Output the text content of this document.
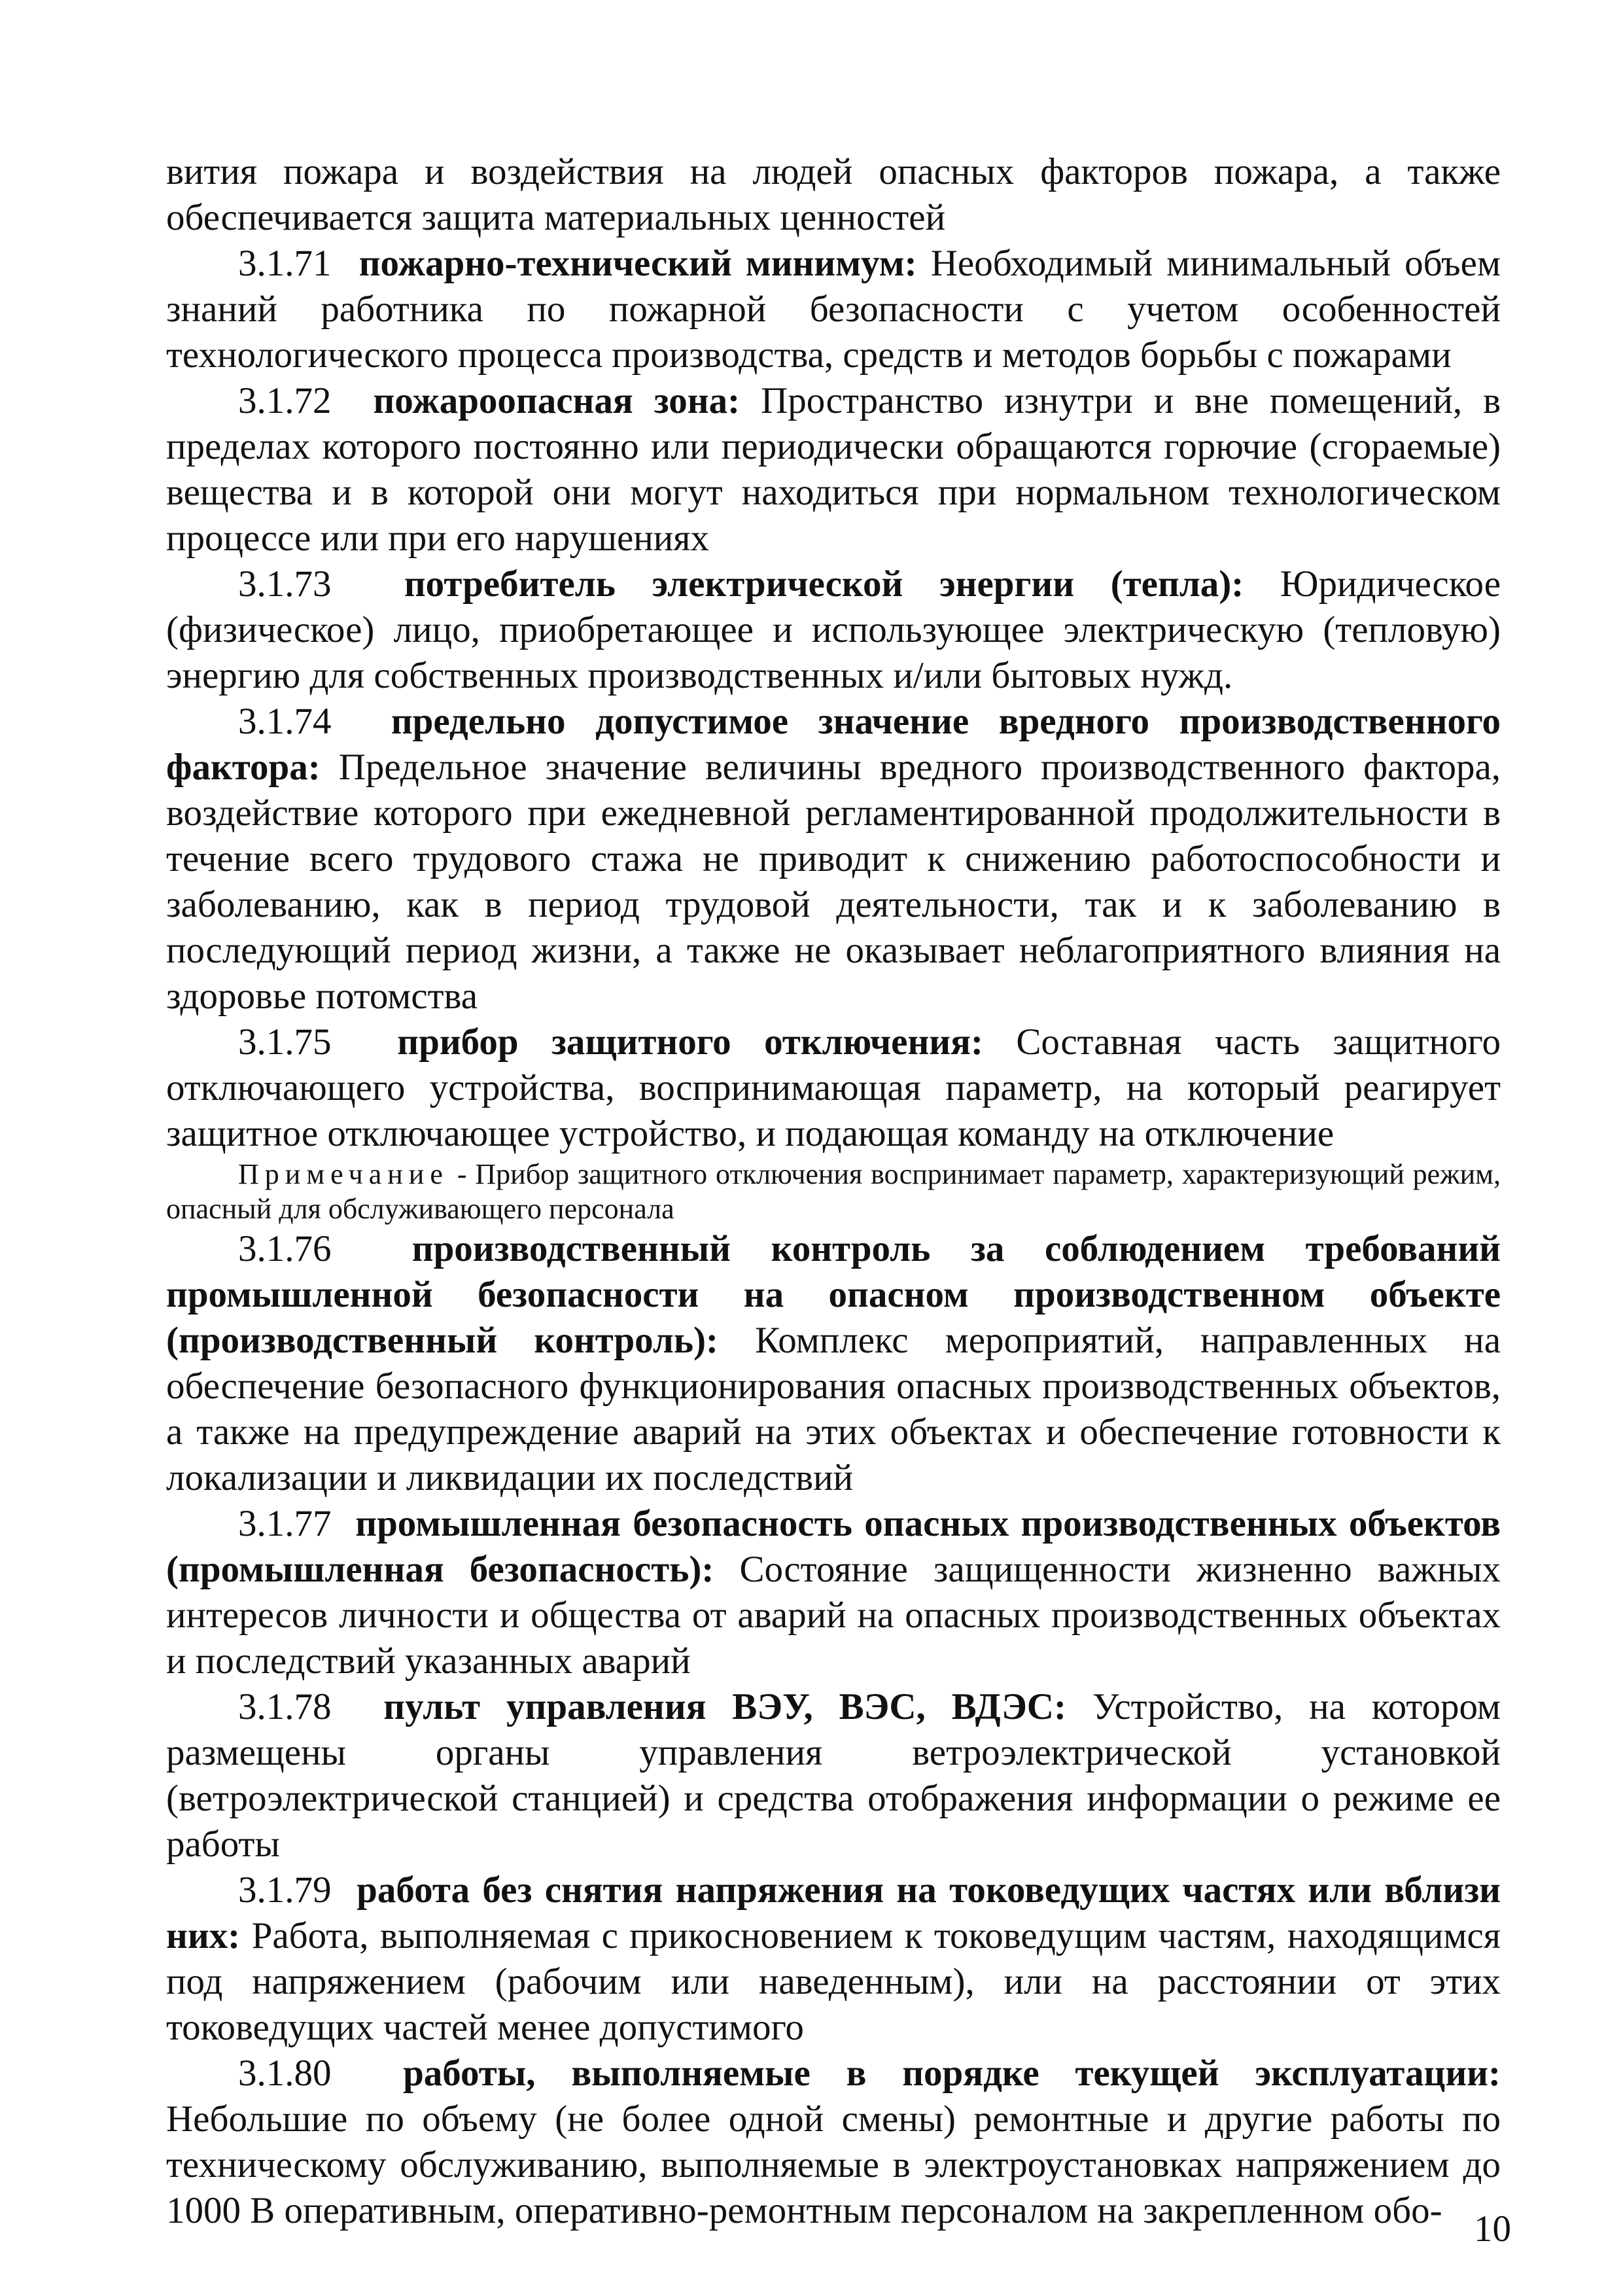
вития пожара и воздействия на людей опасных факторов пожара, а также обеспечивается защита материальных ценностей

3.1.71 пожарно-технический минимум: Необходимый минимальный объем знаний работника по пожарной безопасности с учетом особенностей технологического процесса производства, средств и методов борьбы с пожарами

3.1.72 пожароопасная зона: Пространство изнутри и вне помещений, в пределах которого постоянно или периодически обращаются горючие (сгораемые) вещества и в которой они могут находиться при нормальном технологическом процессе или при его нарушениях

3.1.73 потребитель электрической энергии (тепла): Юридическое (физическое) лицо, приобретающее и использующее электрическую (тепловую) энергию для собственных производственных и/или бытовых нужд.

3.1.74 предельно допустимое значение вредного производственного фактора: Предельное значение величины вредного производственного фактора, воздействие которого при ежедневной регламентированной продолжительности в течение всего трудового стажа не приводит к снижению работоспособности и заболеванию, как в период трудовой деятельности, так и к заболеванию в последующий период жизни, а также не оказывает неблагоприятного влияния на здоровье потомства

3.1.75 прибор защитного отключения: Составная часть защитного отключающего устройства, воспринимающая параметр, на который реагирует защитное отключающее устройство, и подающая команду на отключение

Примечание - Прибор защитного отключения воспринимает параметр, характеризующий режим, опасный для обслуживающего персонала

3.1.76 производственный контроль за соблюдением требований промышленной безопасности на опасном производственном объекте (производственный контроль): Комплекс мероприятий, направленных на обеспечение безопасного функционирования опасных производственных объектов, а также на предупреждение аварий на этих объектах и обеспечение готовности к локализации и ликвидации их последствий

3.1.77 промышленная безопасность опасных производственных объектов (промышленная безопасность): Состояние защищенности жизненно важных интересов личности и общества от аварий на опасных производственных объектах и последствий указанных аварий

3.1.78 пульт управления ВЭУ, ВЭС, ВДЭС: Устройство, на котором размещены органы управления ветроэлектрической установкой (ветроэлектрической станцией) и средства отображения информации о режиме ее работы

3.1.79 работа без снятия напряжения на токоведущих частях или вблизи них: Работа, выполняемая с прикосновением к токоведущим частям, находящимся под напряжением (рабочим или наведенным), или на расстоянии от этих токоведущих частей менее допустимого

3.1.80 работы, выполняемые в порядке текущей эксплуатации: Небольшие по объему (не более одной смены) ремонтные и другие работы по техническому обслуживанию, выполняемые в электроустановках напряжением до 1000 В оперативным, оперативно-ремонтным персоналом на закрепленном обо- 10
